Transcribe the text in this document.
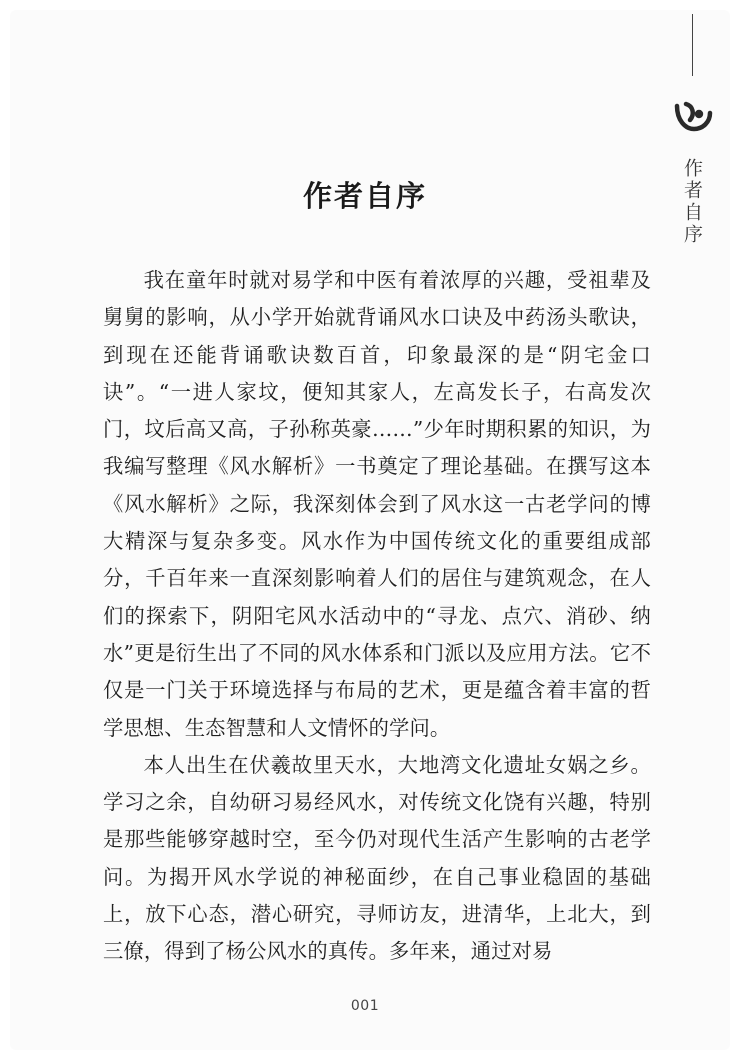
作者自序
作者自序

我在童年时就对易学和中医有着浓厚的兴趣，受祖辈及舅舅的影响，从小学开始就背诵风水口诀及中药汤头歌诀，到现在还能背诵歌诀数百首，印象最深的是“阴宅金口诀”。“一进人家坟，便知其家人，左高发长子，右高发次门，坟后高又高，子孙称英豪……”少年时期积累的知识，为我编写整理《风水解析》一书奠定了理论基础。在撰写这本《风水解析》之际，我深刻体会到了风水这一古老学问的博大精深与复杂多变。风水作为中国传统文化的重要组成部分，千百年来一直深刻影响着人们的居住与建筑观念，在人们的探索下，阴阳宅风水活动中的“寻龙、点穴、消砂、纳水”更是衍生出了不同的风水体系和门派以及应用方法。它不仅是一门关于环境选择与布局的艺术，更是蕴含着丰富的哲学思想、生态智慧和人文情怀的学问。

本人出生在伏羲故里天水，大地湾文化遗址女娲之乡。学习之余，自幼研习易经风水，对传统文化饶有兴趣，特别是那些能够穿越时空，至今仍对现代生活产生影响的古老学问。为揭开风水学说的神秘面纱，在自己事业稳固的基础上，放下心态，潜心研究，寻师访友，进清华，上北大，到三僚，得到了杨公风水的真传。多年来，通过对易

001
